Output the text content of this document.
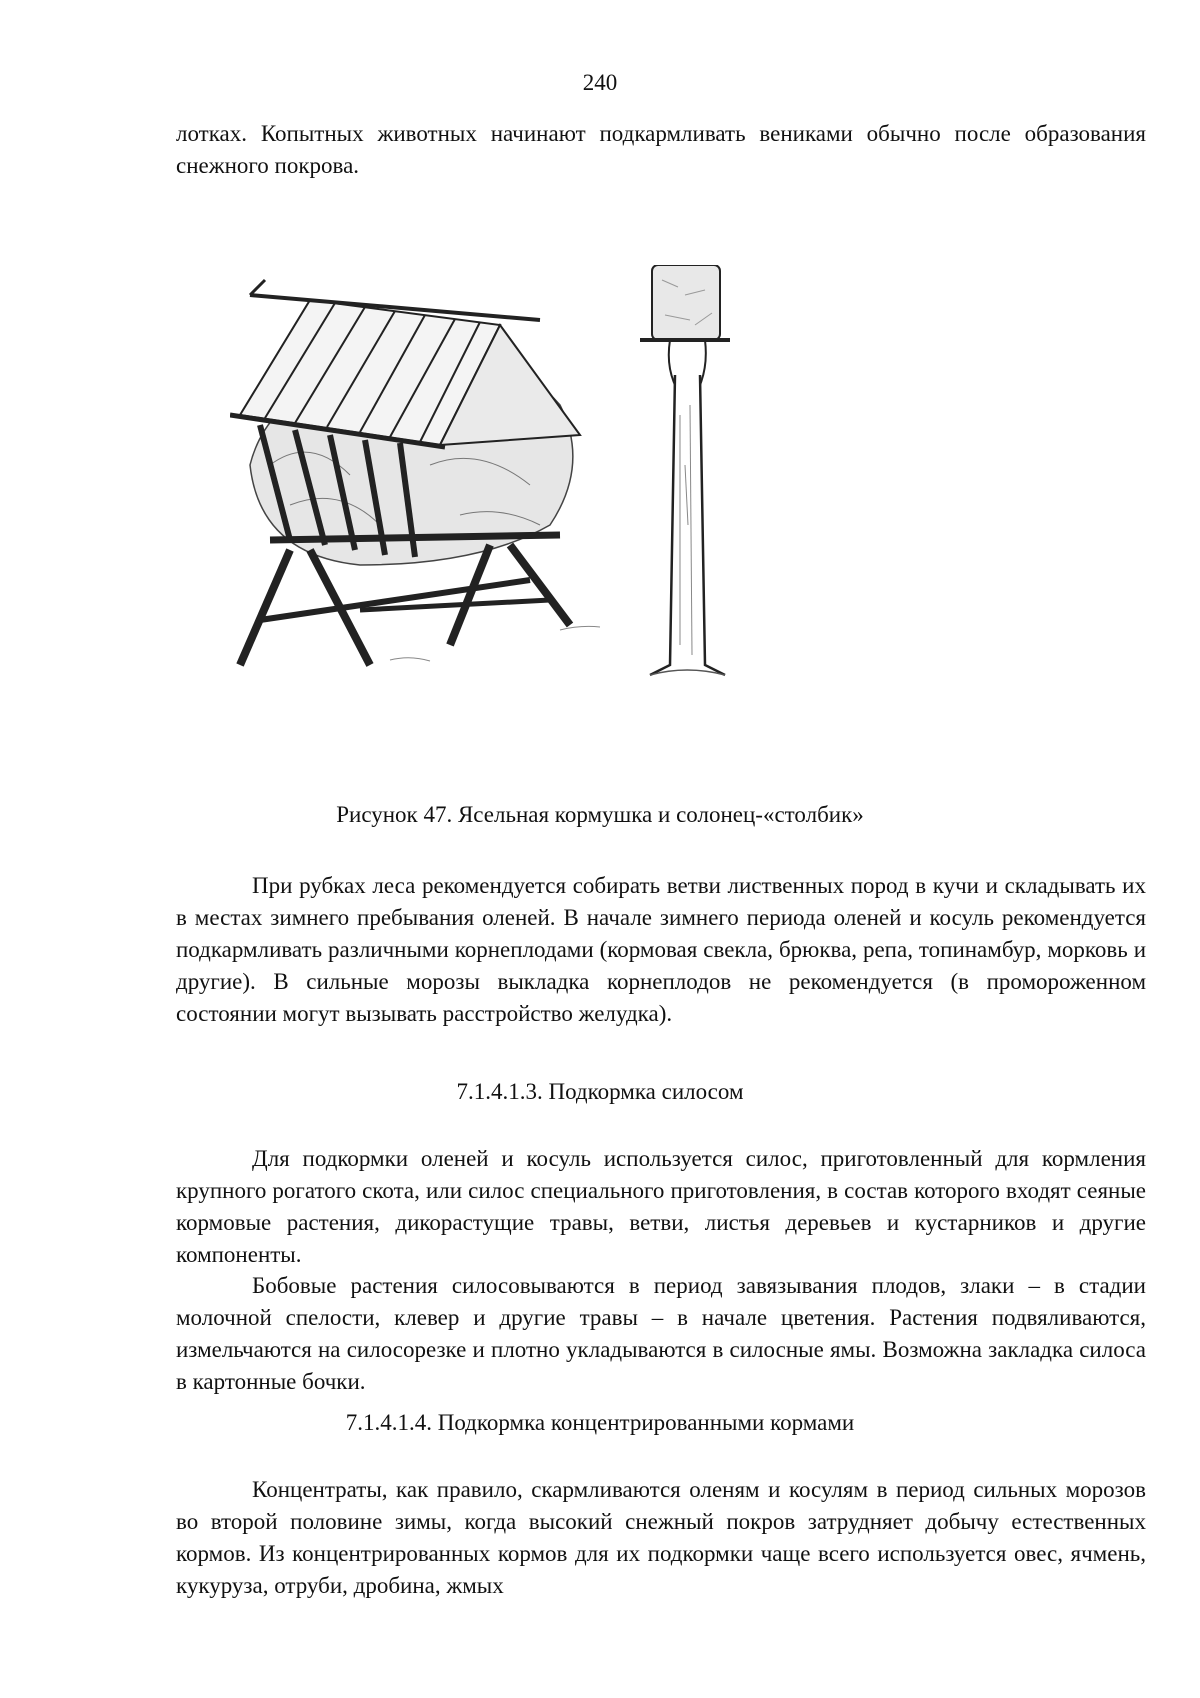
240

лотках. Копытных животных начинают подкармливать вениками обычно после образования снежного покрова.

Рисунок 47. Ясельная кормушка и солонец-«столбик»

При рубках леса рекомендуется собирать ветви лиственных пород в кучи и складывать их в местах зимнего пребывания оленей. В начале зимнего периода оленей и косуль рекомендуется подкармливать различными корнеплодами (кормовая свекла, брюква, репа, топинамбур, морковь и другие). В сильные морозы выкладка корнеплодов не рекомендуется (в промороженном состоянии могут вызывать расстройство желудка).

7.1.4.1.3. Подкормка силосом

Для подкормки оленей и косуль используется силос, приготовленный для кормления крупного рогатого скота, или силос специального приготовления, в состав которого входят сеяные кормовые растения, дикорастущие травы, ветви, листья деревьев и кустарников и другие компоненты.

Бобовые растения силосовываются в период завязывания плодов, злаки – в стадии молочной спелости, клевер и другие травы – в начале цветения. Растения подвяливаются, измельчаются на силосорезке и плотно укладываются в силосные ямы. Возможна закладка силоса в картонные бочки.

7.1.4.1.4. Подкормка концентрированными кормами

Концентраты, как правило, скармливаются оленям и косулям в период сильных морозов во второй половине зимы, когда высокий снежный покров затрудняет добычу естественных кормов. Из концентрированных кормов для их подкормки чаще всего используется овес, ячмень, кукуруза, отруби, дробина, жмых
